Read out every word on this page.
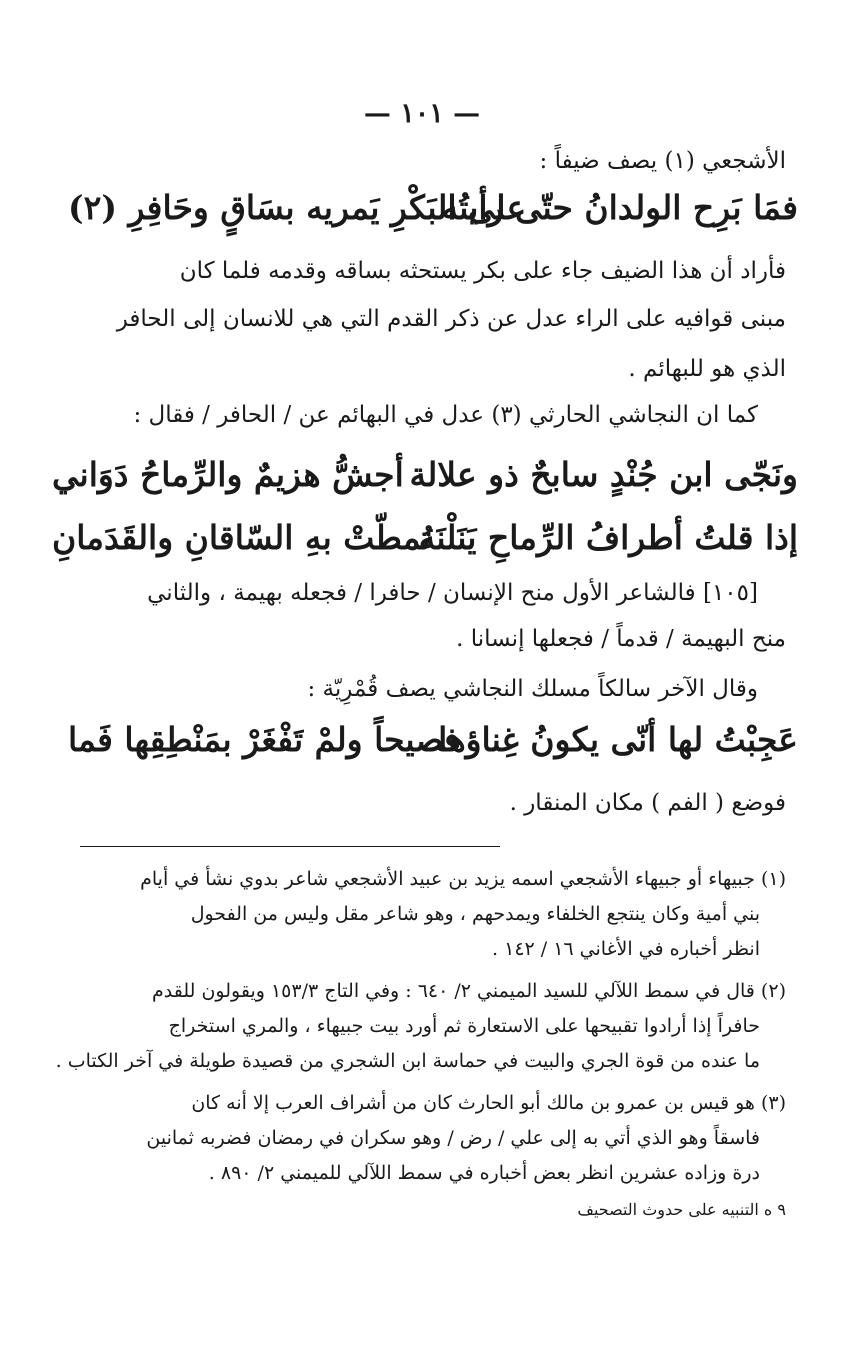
— ١٠١ —
الأشجعي (١) يصف ضيفاً :
فمَا بَرِح الولدانُ حتّى رأيتُه
على البَكْرِ يَمريه بسَاقٍ وحَافِرِ (٢)
فأراد أن هذا الضيف جاء على بكر يستحثه بساقه وقدمه فلما كان
مبنى قوافيه على الراء عدل عن ذكر القدم التي هي للانسان إلى الحافر
الذي هو للبهائم .
كما ان النجاشي الحارثي (٣) عدل في البهائم عن / الحافر / فقال :
ونَجّى ابن جُنْدٍ سابحٌ ذو علالة
أجشُّ هزيمٌ والرِّماحُ دَوَاني
إذا قلتُ أطرافُ الرِّماحِ يَنَلْنَهُ
تمطّتْ بهِ السّاقانِ والقَدَمانِ
[١٠٥] فالشاعر الأول منح الإنسان / حافرا / فجعله بهيمة ، والثاني
منح البهيمة / قدماً / فجعلها إنسانا .
وقال الآخر سالكاً مسلك النجاشي يصف قُمْرِيّة :
عَجِبْتُ لها أنّى يكونُ غِناؤها
فصيحاً ولمْ تَفْغَرْ بمَنْطِقِها فَما
فوضع ( الفم ) مكان المنقار .
(١) جبيهاء أو جبيهاء الأشجعي اسمه يزيد بن عبيد الأشجعي شاعر بدوي نشأ في أيام
بني أمية وكان ينتجع الخلفاء ويمدحهم ، وهو شاعر مقل وليس من الفحول
انظر أخباره في الأغاني ١٦ / ١٤٢ .
(٢) قال في سمط اللآلي للسيد الميمني ٢/ ٦٤٠ : وفي التاج ١٥٣/٣ ويقولون للقدم
حافراً إذا أرادوا تقبيحها على الاستعارة ثم أورد بيت جبيهاء ، والمري استخراج
ما عنده من قوة الجري والبيت في حماسة ابن الشجري من قصيدة طويلة في آخر الكتاب .
(٣) هو قيس بن عمرو بن مالك أبو الحارث كان من أشراف العرب إلا أنه كان
فاسقاً وهو الذي أتي به إلى علي / رض / وهو سكران في رمضان فضربه ثمانين
درة وزاده عشرين انظر بعض أخباره في سمط اللآلي للميمني ٢/ ٨٩٠ .
٩ ه التنبيه على حدوث التصحيف
